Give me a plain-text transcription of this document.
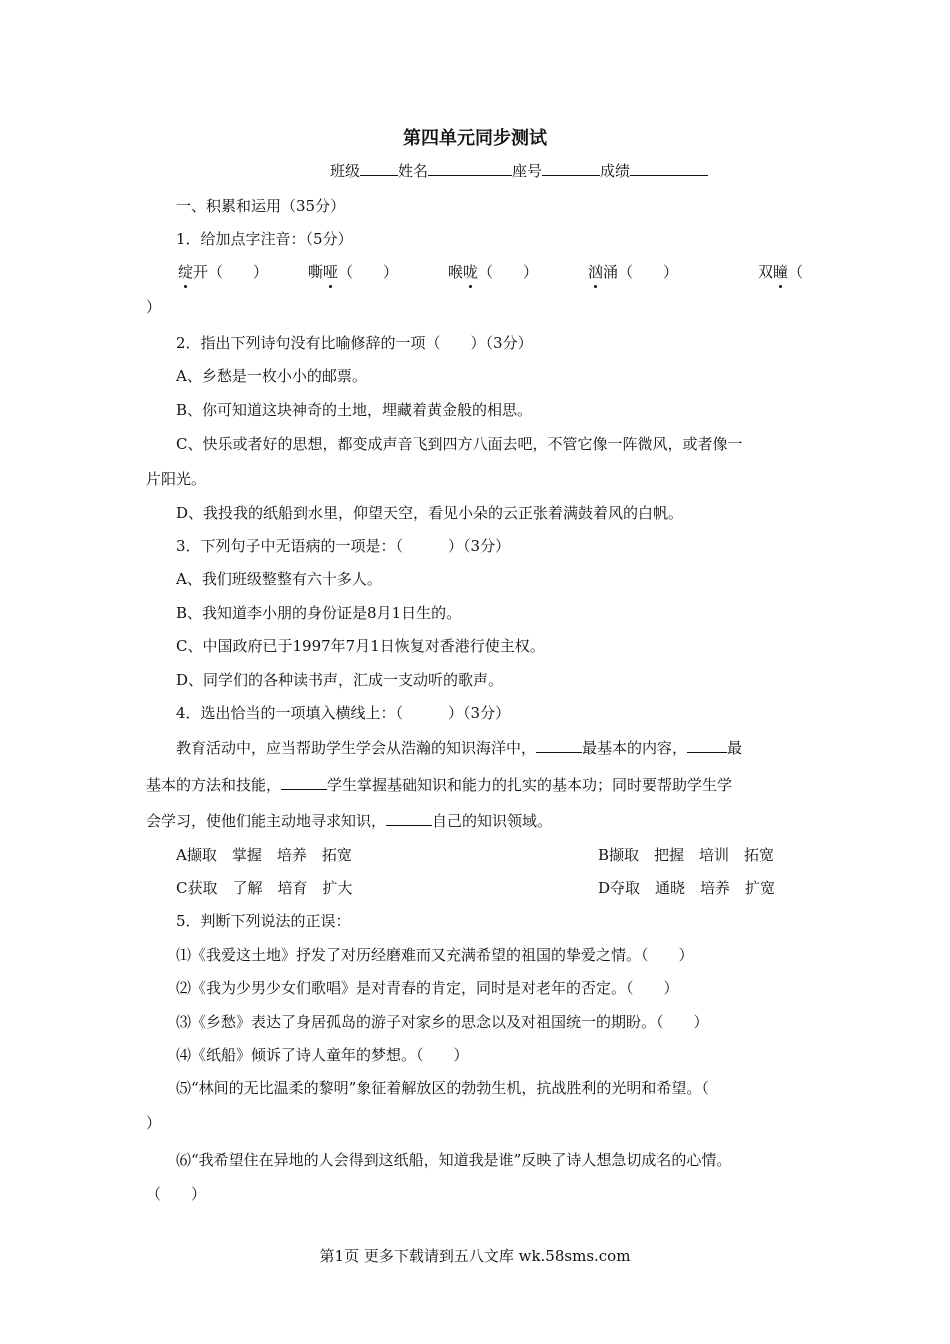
第四单元同步测试
班级	姓名	座号	成绩
一、积累和运用（35分）
1．给加点字注音：（5分）
绽开（　　）	嘶哑（　　）	喉咙（　　）	汹涌（　　）	双瞳（
）
2．指出下列诗句没有比喻修辞的一项（　　）（3分）
A、乡愁是一枚小小的邮票。
B、你可知道这块神奇的土地，埋藏着黄金般的相思。
C、快乐或者好的思想，都变成声音飞到四方八面去吧，不管它像一阵微风，或者像一
片阳光。
D、我投我的纸船到水里，仰望天空，看见小朵的云正张着满鼓着风的白帆。
3．下列句子中无语病的一项是：（　　　）（3分）
A、我们班级整整有六十多人。
B、我知道李小朋的身份证是8月1日生的。
C、中国政府已于1997年7月1日恢复对香港行使主权。
D、同学们的各种读书声，汇成一支动听的歌声。
4．选出恰当的一项填入横线上：（　　　）（3分）
教育活动中，应当帮助学生学会从浩瀚的知识海洋中，	最基本的内容，	最
基本的方法和技能，	学生掌握基础知识和能力的扎实的基本功；同时要帮助学生学
会学习，使他们能主动地寻求知识，	自己的知识领域。
A撷取　掌握　培养　拓宽	B撷取　把握　培训　拓宽
C获取　了解　培育　扩大	D夺取　通晓　培养　扩宽
5．判断下列说法的正误：
⑴《我爱这土地》抒发了对历经磨难而又充满希望的祖国的挚爱之情。（　　）
⑵《我为少男少女们歌唱》是对青春的肯定，同时是对老年的否定。（　　）
⑶《乡愁》表达了身居孤岛的游子对家乡的思念以及对祖国统一的期盼。（　　）
⑷《纸船》倾诉了诗人童年的梦想。（　　）
⑸“林间的无比温柔的黎明”象征着解放区的勃勃生机，抗战胜利的光明和希望。（
）
⑹“我希望住在异地的人会得到这纸船，知道我是谁”反映了诗人想急切成名的心情。
（　　）
第1页 更多下载请到五八文库 wk.58sms.com
